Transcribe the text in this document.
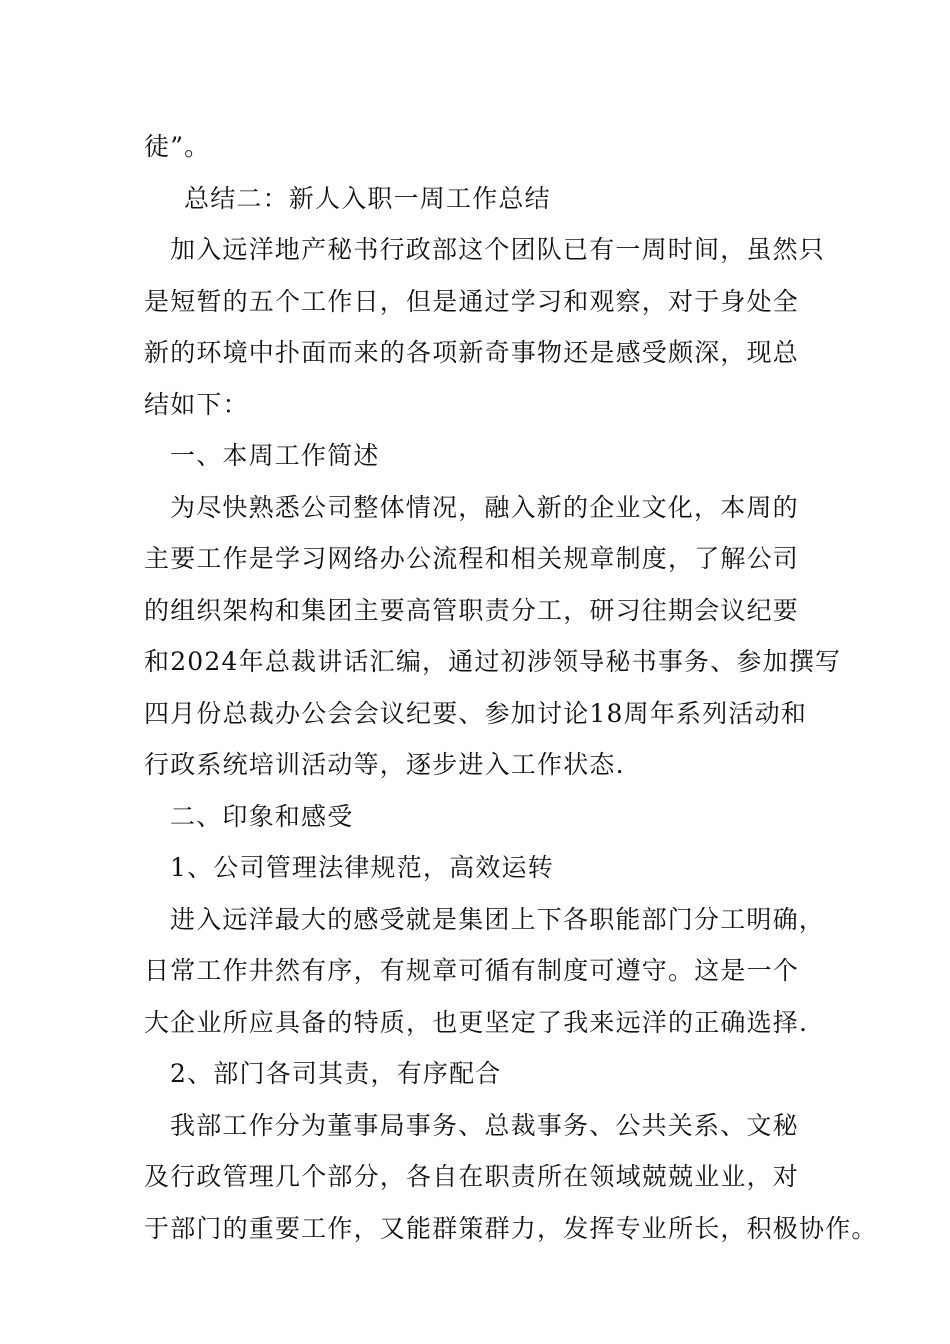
徒”。
总结二：新人入职一周工作总结
加入远洋地产秘书行政部这个团队已有一周时间，虽然只
是短暂的五个工作日，但是通过学习和观察，对于身处全
新的环境中扑面而来的各项新奇事物还是感受颇深，现总
结如下：
一、本周工作简述
为尽快熟悉公司整体情况，融入新的企业文化，本周的
主要工作是学习网络办公流程和相关规章制度，了解公司
的组织架构和集团主要高管职责分工，研习往期会议纪要
和2024年总裁讲话汇编，通过初涉领导秘书事务、参加撰写
四月份总裁办公会会议纪要、参加讨论18周年系列活动和
行政系统培训活动等，逐步进入工作状态.
二、印象和感受
1、公司管理法律规范，高效运转
进入远洋最大的感受就是集团上下各职能部门分工明确，
日常工作井然有序，有规章可循有制度可遵守。这是一个
大企业所应具备的特质，也更坚定了我来远洋的正确选择.
2、部门各司其责，有序配合
我部工作分为董事局事务、总裁事务、公共关系、文秘
及行政管理几个部分，各自在职责所在领域兢兢业业，对
于部门的重要工作，又能群策群力，发挥专业所长，积极协作。
